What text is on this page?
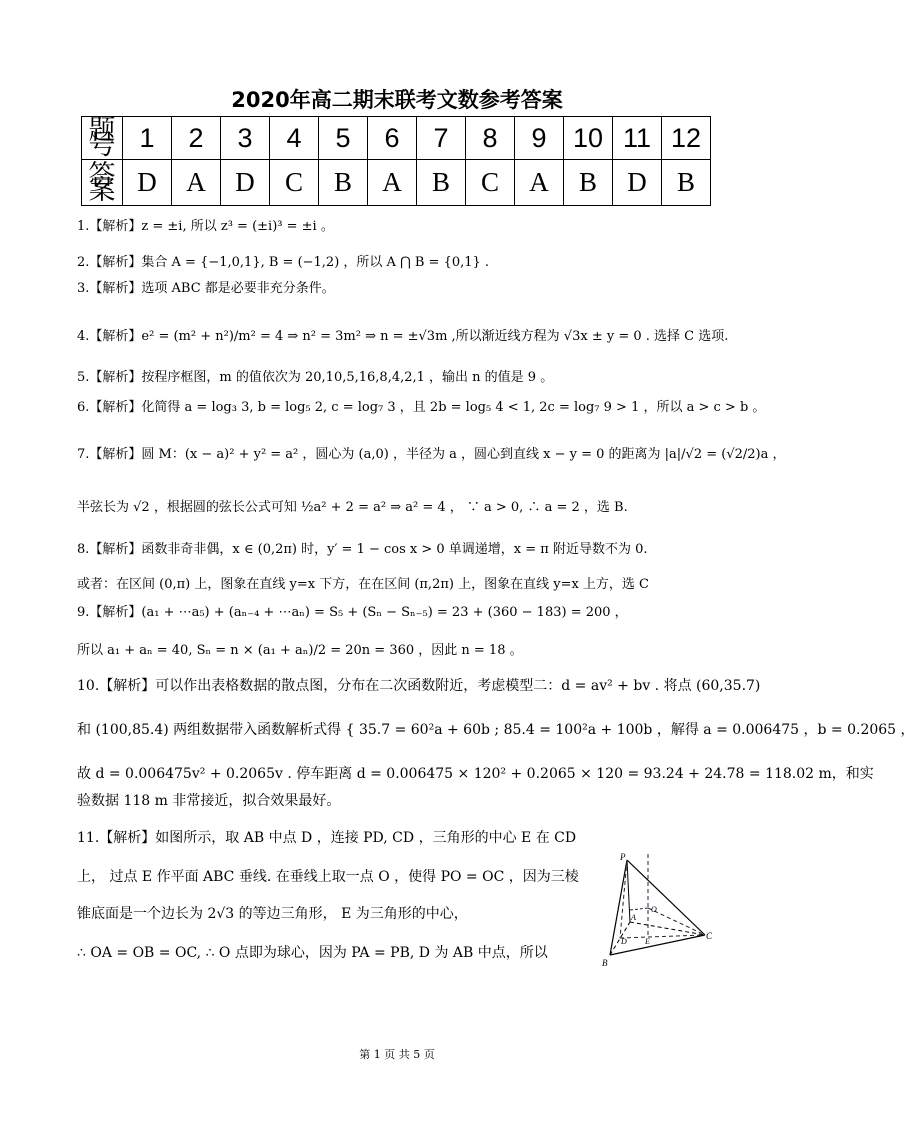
2020年高二期末联考文数参考答案
题
号	1	2	3	4	5	6	7	8	9	10	11	12
答
案	D	A	D	C	B	A	B	C	A	B	D	B
1.【解析】z = ±i, 所以 z³ = (±i)³ = ±i 。
2.【解析】集合 A = {−1,0,1}, B = (−1,2) ，所以 A ⋂ B = {0,1} .
3.【解析】选项 ABC 都是必要非充分条件。
4.【解析】e² = (m² + n²)/m² = 4 ⇒ n² = 3m² ⇒ n = ±√3m ,所以渐近线方程为 √3x ± y = 0 . 选择 C 选项.
5.【解析】按程序框图，m 的值依次为 20,10,5,16,8,4,2,1 ，输出 n 的值是 9 。
6.【解析】化简得 a = log₃ 3, b = log₅ 2, c = log₇ 3 ，且 2b = log₅ 4 < 1, 2c = log₇ 9 > 1 ，所以 a > c > b 。
7.【解析】圆 M：(x − a)² + y² = a² ，圆心为 (a,0) ，半径为 a ，圆心到直线 x − y = 0 的距离为 |a|/√2 = (√2/2)a ，
半弦长为 √2 ，根据圆的弦长公式可知 ½a² + 2 = a² ⇒ a² = 4 ， ∵ a > 0, ∴ a = 2 ，选 B.
8.【解析】函数非奇非偶，x ∈ (0,2π) 时，y′ = 1 − cos x > 0 单调递增，x = π 附近导数不为 0.
或者：在区间 (0,π) 上，图象在直线 y=x 下方，在在区间 (π,2π) 上，图象在直线 y=x 上方，选 C
9.【解析】(a₁ + ⋯a₅) + (aₙ₋₄ + ⋯aₙ) = S₅ + (Sₙ − Sₙ₋₅) = 23 + (360 − 183) = 200 ，
所以 a₁ + aₙ = 40, Sₙ = n × (a₁ + aₙ)/2 = 20n = 360 ，因此 n = 18 。
10.【解析】可以作出表格数据的散点图，分布在二次函数附近，考虑模型二：d = av² + bv . 将点 (60,35.7)
和 (100,85.4) 两组数据带入函数解析式得 { 35.7 = 60²a + 60b ; 85.4 = 100²a + 100b ，解得 a = 0.006475 ，b = 0.2065 ，
故 d = 0.006475v² + 0.2065v . 停车距离 d = 0.006475 × 120² + 0.2065 × 120 = 93.24 + 24.78 = 118.02 m，和实
验数据 118 m 非常接近，拟合效果最好。
11.【解析】如图所示，取 AB 中点 D ，连接 PD, CD ，三角形的中心 E 在 CD
上， 过点 E 作平面 ABC 垂线. 在垂线上取一点 O ，使得 PO = OC ，因为三棱
锥底面是一个边长为 2√3 的等边三角形， E 为三角形的中心，
∴ OA = OB = OC, ∴ O 点即为球心，因为 PA = PB, D 为 AB 中点，所以
P
A
O
D E
C
B
第 1 页 共 5 页
